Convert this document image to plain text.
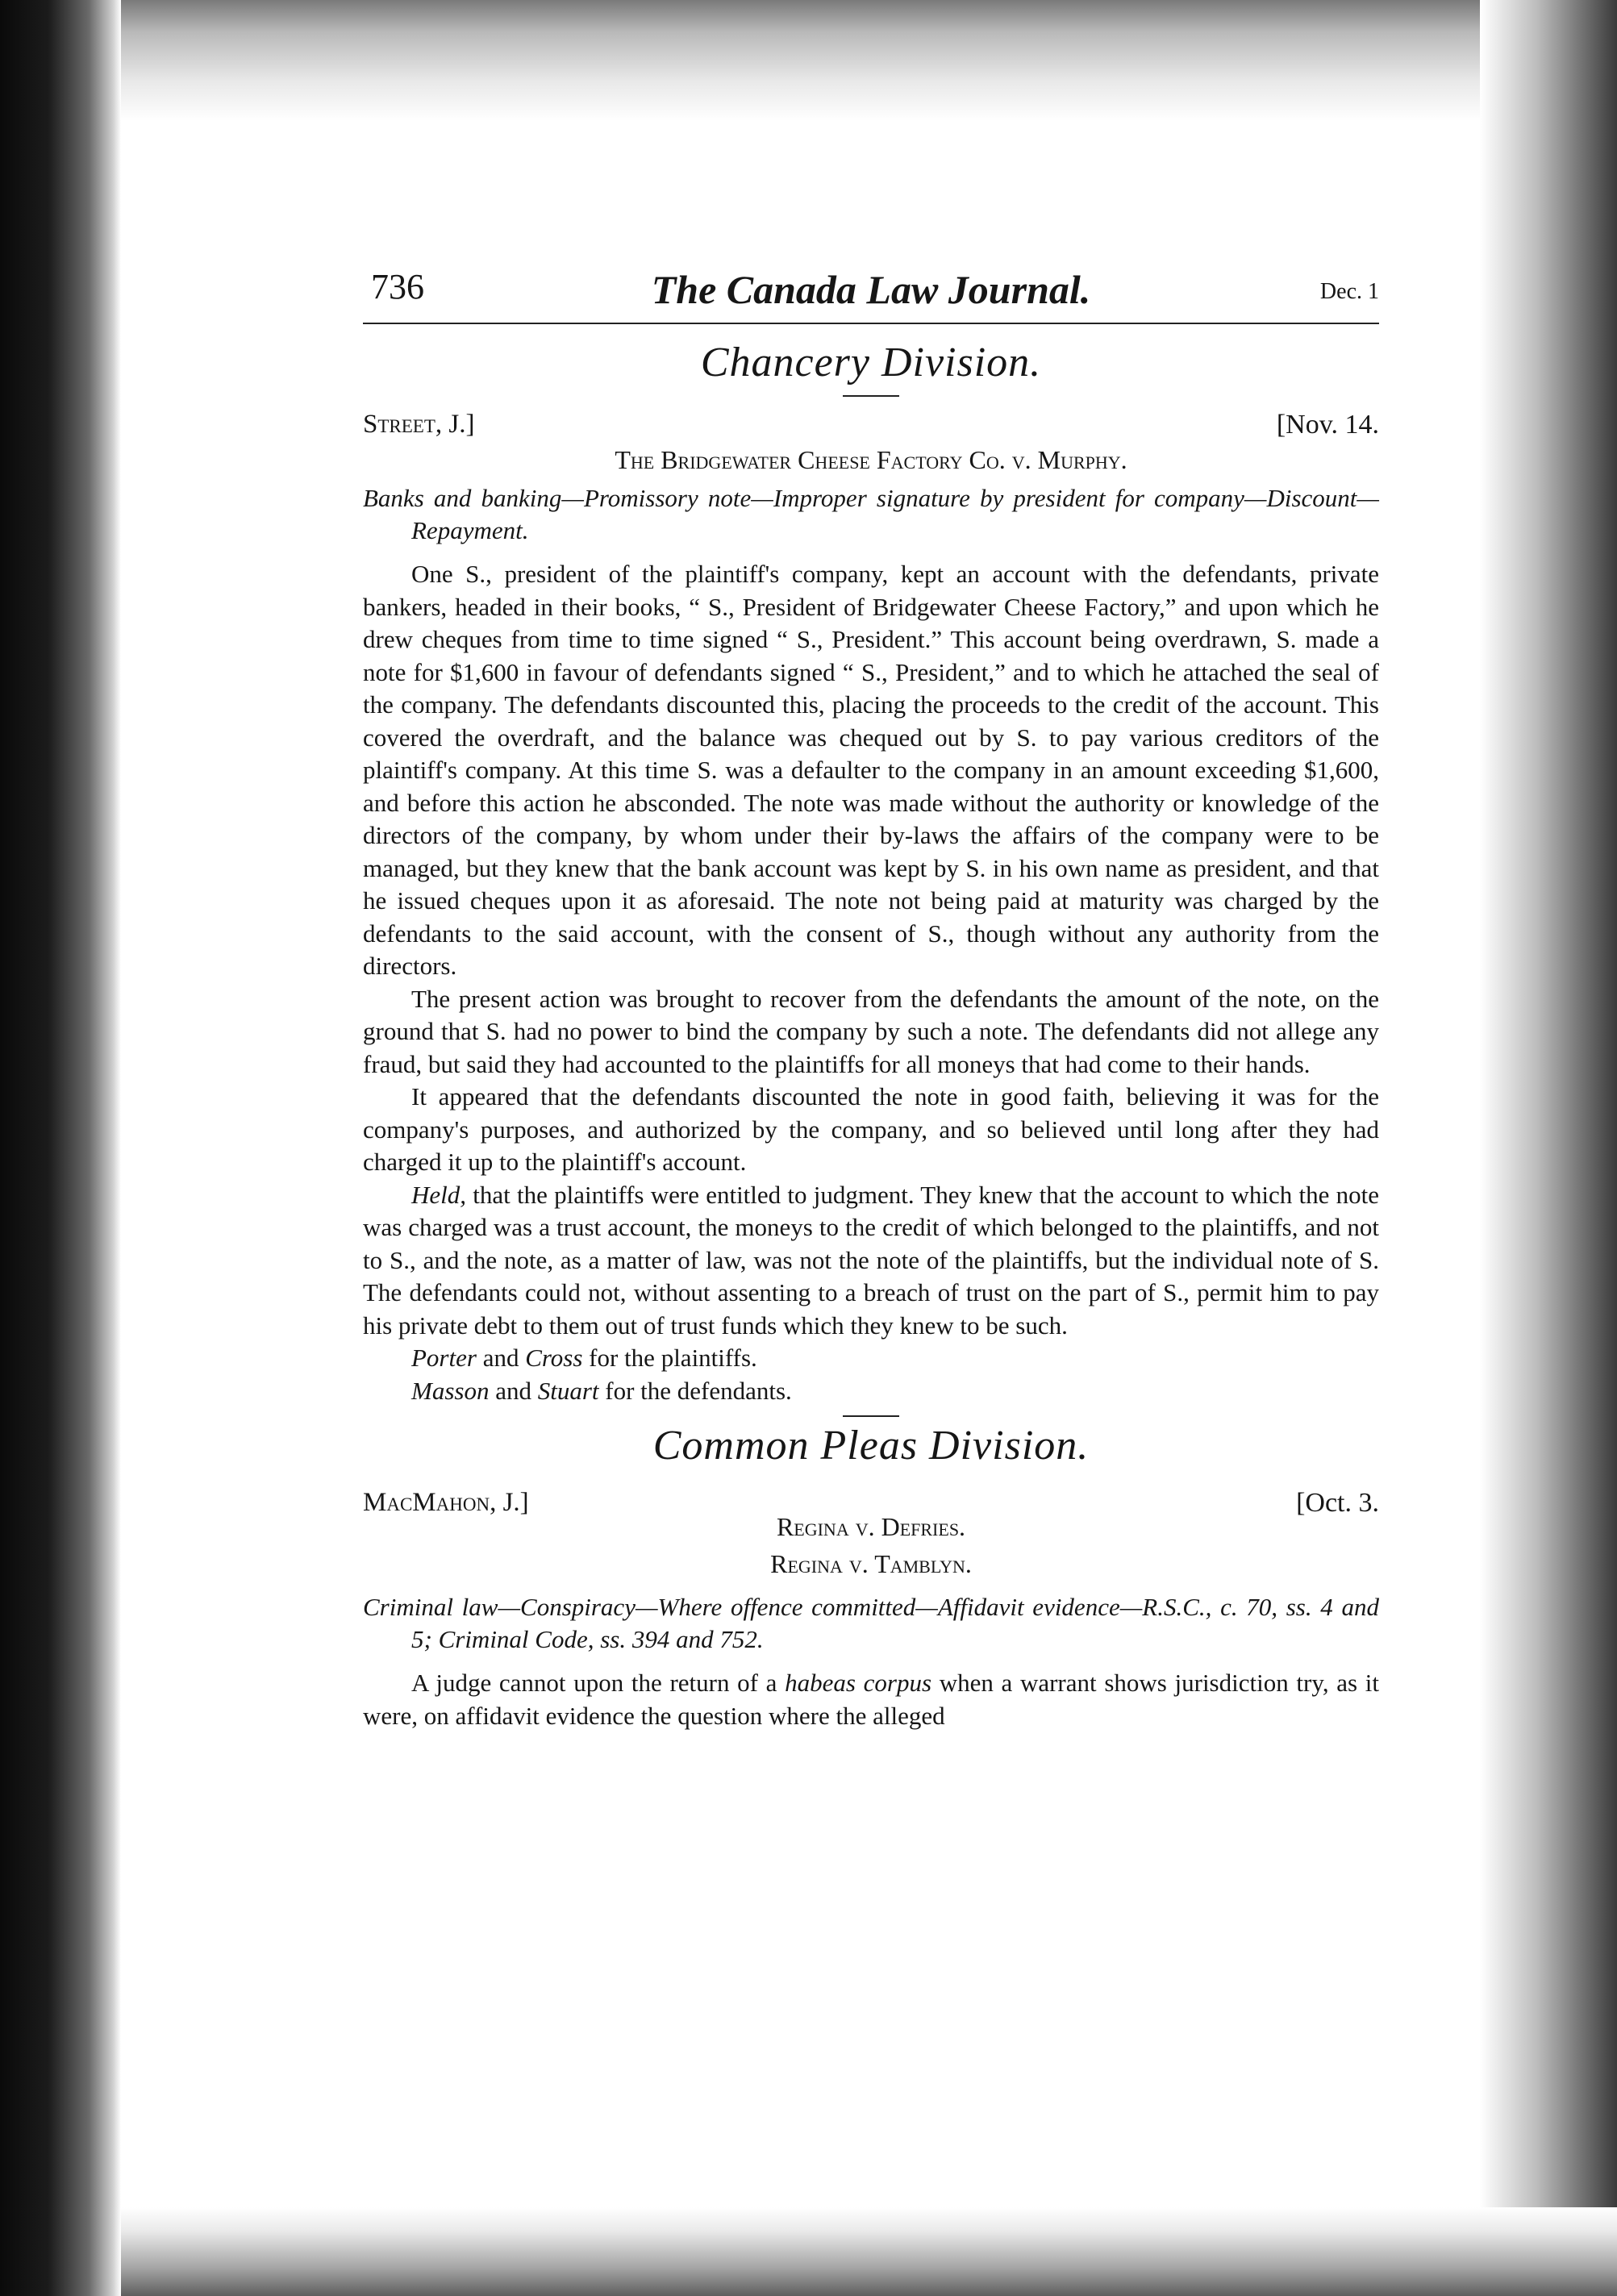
736	The Canada Law Journal.	Dec. 1
Chancery Division.
Street, J.]	[Nov. 14.
The Bridgewater Cheese Factory Co. v. Murphy.
Banks and banking—Promissory note—Improper signature by president for company—Discount—Repayment.

One S., president of the plaintiff's company, kept an account with the defendants, private bankers, headed in their books, “ S., President of Bridgewater Cheese Factory,” and upon which he drew cheques from time to time signed “ S., President.” This account being overdrawn, S. made a note for $1,600 in favour of defendants signed “ S., President,” and to which he attached the seal of the company. The defendants discounted this, placing the proceeds to the credit of the account. This covered the overdraft, and the balance was chequed out by S. to pay various creditors of the plaintiff's company. At this time S. was a defaulter to the company in an amount exceeding $1,600, and before this action he absconded. The note was made without the authority or knowledge of the directors of the company, by whom under their by-laws the affairs of the company were to be managed, but they knew that the bank account was kept by S. in his own name as president, and that he issued cheques upon it as aforesaid. The note not being paid at maturity was charged by the defendants to the said account, with the consent of S., though without any authority from the directors.

The present action was brought to recover from the defendants the amount of the note, on the ground that S. had no power to bind the company by such a note. The defendants did not allege any fraud, but said they had accounted to the plaintiffs for all moneys that had come to their hands.

It appeared that the defendants discounted the note in good faith, believing it was for the company's purposes, and authorized by the company, and so believed until long after they had charged it up to the plaintiff's account.

Held, that the plaintiffs were entitled to judgment. They knew that the account to which the note was charged was a trust account, the moneys to the credit of which belonged to the plaintiffs, and not to S., and the note, as a matter of law, was not the note of the plaintiffs, but the individual note of S. The defendants could not, without assenting to a breach of trust on the part of S., permit him to pay his private debt to them out of trust funds which they knew to be such.

Porter and Cross for the plaintiffs.

Masson and Stuart for the defendants.

Common Pleas Division.
MacMahon, J.]	[Oct. 3.
Regina v. Defries.
Regina v. Tamblyn.
Criminal law—Conspiracy—Where offence committed—Affidavit evidence—R.S.C., c. 70, ss. 4 and 5; Criminal Code, ss. 394 and 752.

A judge cannot upon the return of a habeas corpus when a warrant shows jurisdiction try, as it were, on affidavit evidence the question where the alleged
